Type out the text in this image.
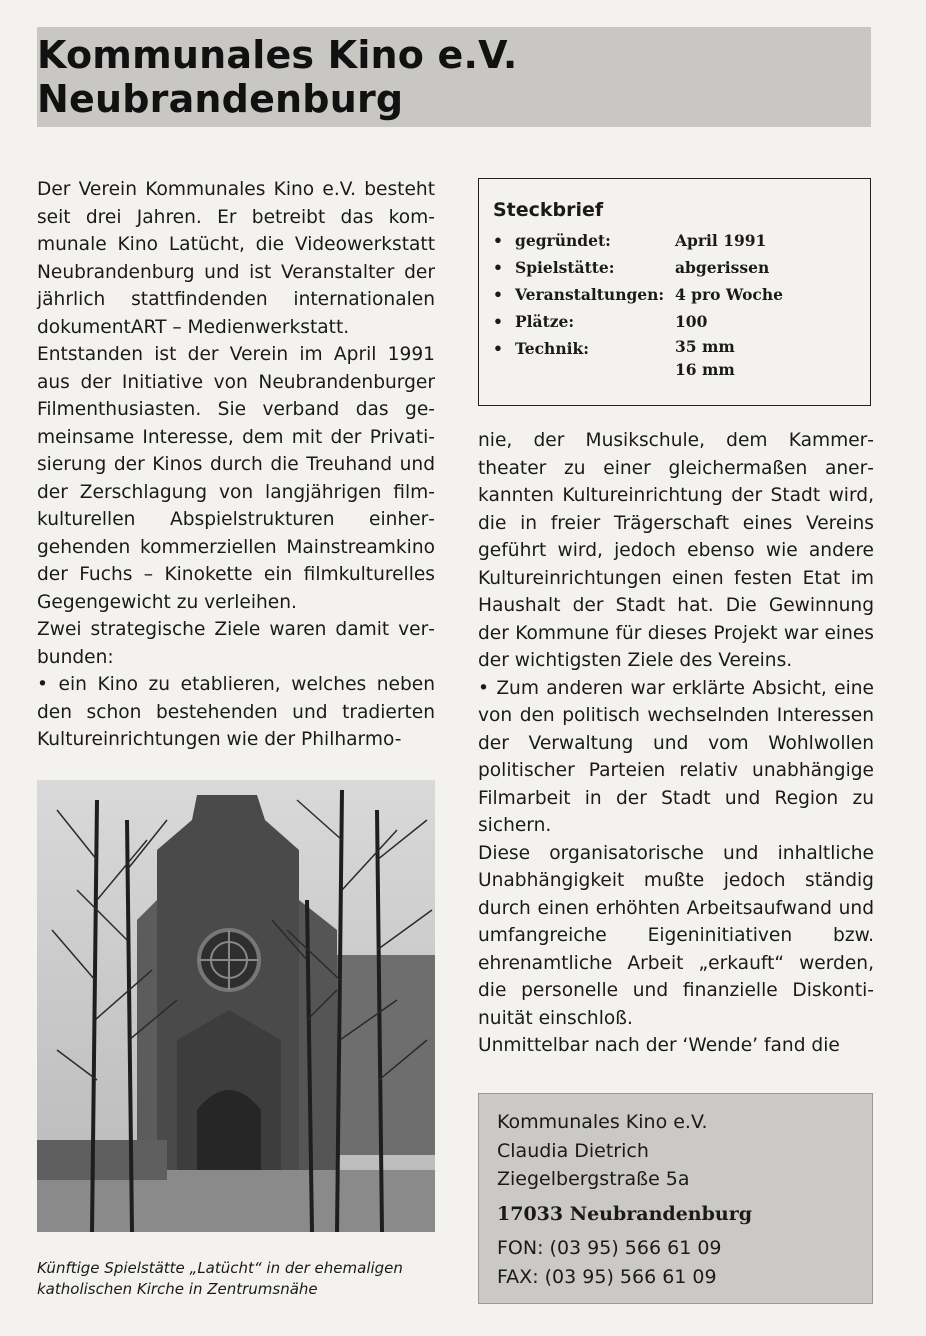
Kommunales Kino e.V. Neubrandenburg

Der Verein Kommunales Kino e.V. besteht seit drei Jahren. Er betreibt das kommunale Kino Latücht, die Videowerkstatt Neubrandenburg und ist Veranstalter der jährlich stattfindenden internationalen dokumentART – Medienwerkstatt.

Entstanden ist der Verein im April 1991 aus der Initiative von Neubrandenburger Filmenthusiasten. Sie verband das gemeinsame Interesse, dem mit der Privatisierung der Kinos durch die Treuhand und der Zerschlagung von langjährigen filmkulturellen Abspielstrukturen einhergehenden kommerziellen Mainstreamkino der Fuchs – Kinokette ein filmkulturelles Gegengewicht zu verleihen.

Zwei strategische Ziele waren damit verbunden:

• ein Kino zu etablieren, welches neben den schon bestehenden und tradierten Kultureinrichtungen wie der Philharmo-

Steckbrief
• gegründet:	April 1991
• Spielstätte:	abgerissen
• Veranstaltungen: 4 pro Woche
• Plätze:	100
• Technik:	35 mm
16 mm

nie, der Musikschule, dem Kammertheater zu einer gleichermaßen anerkannten Kultureinrichtung der Stadt wird, die in freier Trägerschaft eines Vereins geführt wird, jedoch ebenso wie andere Kultureinrichtungen einen festen Etat im Haushalt der Stadt hat. Die Gewinnung der Kommune für dieses Projekt war eines der wichtigsten Ziele des Vereins.

• Zum anderen war erklärte Absicht, eine von den politisch wechselnden Interessen der Verwaltung und vom Wohlwollen politischer Parteien relativ unabhängige Filmarbeit in der Stadt und Region zu sichern.

Diese organisatorische und inhaltliche Unabhängigkeit mußte jedoch ständig durch einen erhöhten Arbeitsaufwand und umfangreiche Eigeninitiativen bzw. ehrenamtliche Arbeit „erkauft“ werden, die personelle und finanzielle Diskontinuität einschloß.

Unmittelbar nach der ‘Wende’ fand die

Künftige Spielstätte „Latücht“ in der ehemaligen katholischen Kirche in Zentrumsnähe
Kommunales Kino e.V.
Claudia Dietrich
Ziegelbergstraße 5a
17033 Neubrandenburg
FON: (03 95) 566 61 09
FAX: (03 95) 566 61 09
